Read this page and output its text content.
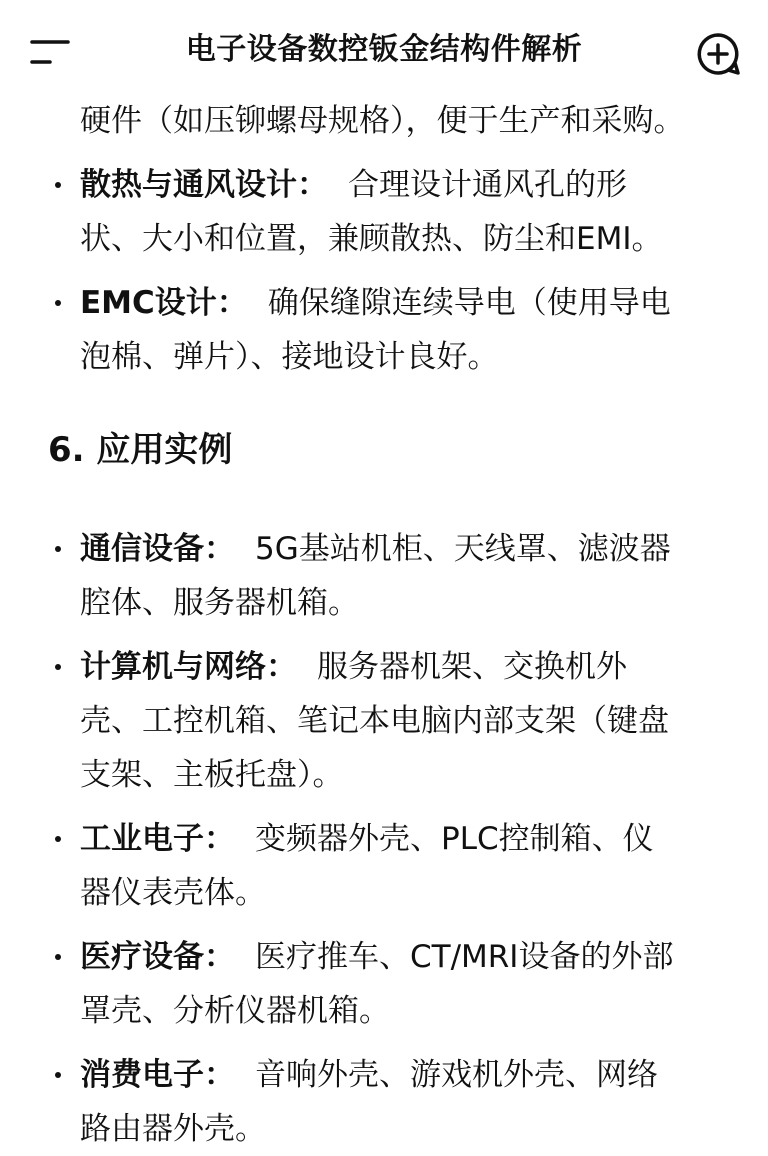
电子设备数控钣金结构件解析
硬件（如压铆螺母规格），便于生产和采购。
散热与通风设计： 合理设计通风孔的形
状、大小和位置，兼顾散热、防尘和EMI。
EMC设计： 确保缝隙连续导电（使用导电
泡棉、弹片）、接地设计良好。
6. 应用实例
通信设备： 5G基站机柜、天线罩、滤波器
腔体、服务器机箱。
计算机与网络： 服务器机架、交换机外
壳、工控机箱、笔记本电脑内部支架（键盘
支架、主板托盘）。
工业电子： 变频器外壳、PLC控制箱、仪
器仪表壳体。
医疗设备： 医疗推车、CT/MRI设备的外部
罩壳、分析仪器机箱。
消费电子： 音响外壳、游戏机外壳、网络
路由器外壳。
